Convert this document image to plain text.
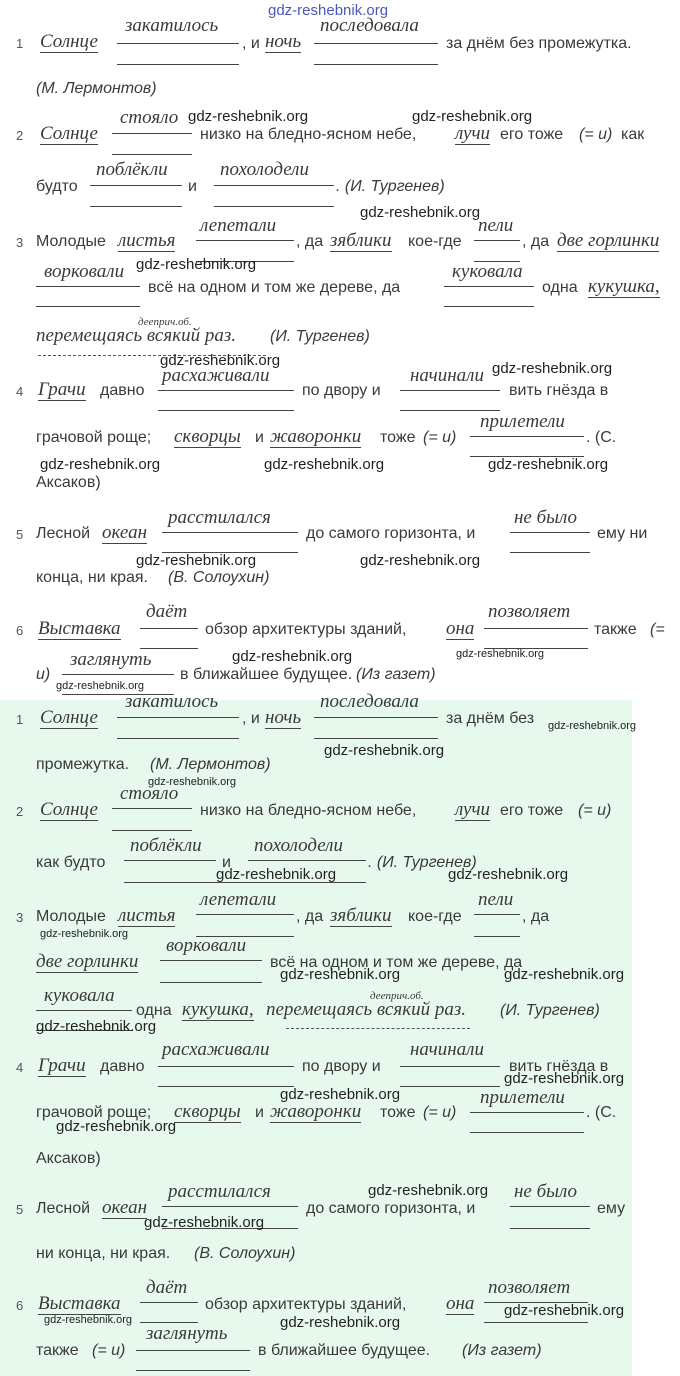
gdz-reshebnik.org
1 Солнце
закатилось
, и ночь
последовала
за днём без промежутка.
(М. Лермонтов)
2 Солнце
стояло
низко на бледно-ясном небе, лучи его тоже (= и) как
будто
поблёкли
и
похолодели
. (И. Тургенев)
3 Молодые листья
лепетали
, да зяблики кое-где
пели
, да две горлинки
ворковали
всё на одном и том же дереве, да
куковала
одна кукушка,
дееприч.об.
перемещаясь всякий раз. (И. Тургенев)
4 Грачи давно
расхаживали
по двору и
начинали
вить гнёзда в
грачовой роще; скворцы и жаворонки тоже (= и)
прилетели
. (С.
Аксаков)
5 Лесной океан
расстилался
до самого горизонта, и
не было
ему ни
конца, ни края. (В. Солоухин)
6 Выставка
даёт
обзор архитектуры зданий, она
позволяет
также (=
и)
заглянуть
в ближайшее будущее. (Из газет)
gdz-reshebnik.org	gdz-reshebnik.org
gdz-reshebnik.org
gdz-reshebnik.org
gdz-reshebnik.org	gdz-reshebnik.org
gdz-reshebnik.org	gdz-reshebnik.org	gdz-reshebnik.org
gdz-reshebnik.org	gdz-reshebnik.org
gdz-reshebnik.org	gdz-reshebnik.org
gdz-reshebnik.org
1 Солнце
закатилось
, и ночь
последовала
за днём без
промежутка. (М. Лермонтов)
2 Солнце
стояло
низко на бледно-ясном небе, лучи его тоже (= и)
как будто
поблёкли
и
похолодели
. (И. Тургенев)
3 Молодые листья
лепетали
, да зяблики кое-где
пели
, да
две горлинки
ворковали
всё на одном и том же дереве, да
куковала
одна кукушка,
дееприч.об.
перемещаясь всякий раз. (И. Тургенев)
4 Грачи давно
расхаживали
по двору и
начинали
вить гнёзда в
грачовой роще; скворцы и жаворонки тоже (= и)
прилетели
. (С.
Аксаков)
5 Лесной океан
расстилался
до самого горизонта, и
не было
ему
ни конца, ни края. (В. Солоухин)
6 Выставка
даёт
обзор архитектуры зданий, она
позволяет
также (= и)
заглянуть
в ближайшее будущее. (Из газет)
gdz-reshebnik.org
gdz-reshebnik.org
gdz-reshebnik.org
gdz-reshebnik.org	gdz-reshebnik.org
gdz-reshebnik.org
gdz-reshebnik.org	gdz-reshebnik.org
gdz-reshebnik.org
gdz-reshebnik.org
gdz-reshebnik.org
gdz-reshebnik.org
gdz-reshebnik.org
gdz-reshebnik.org
gdz-reshebnik.org
gdz-reshebnik.org	gdz-reshebnik.org
